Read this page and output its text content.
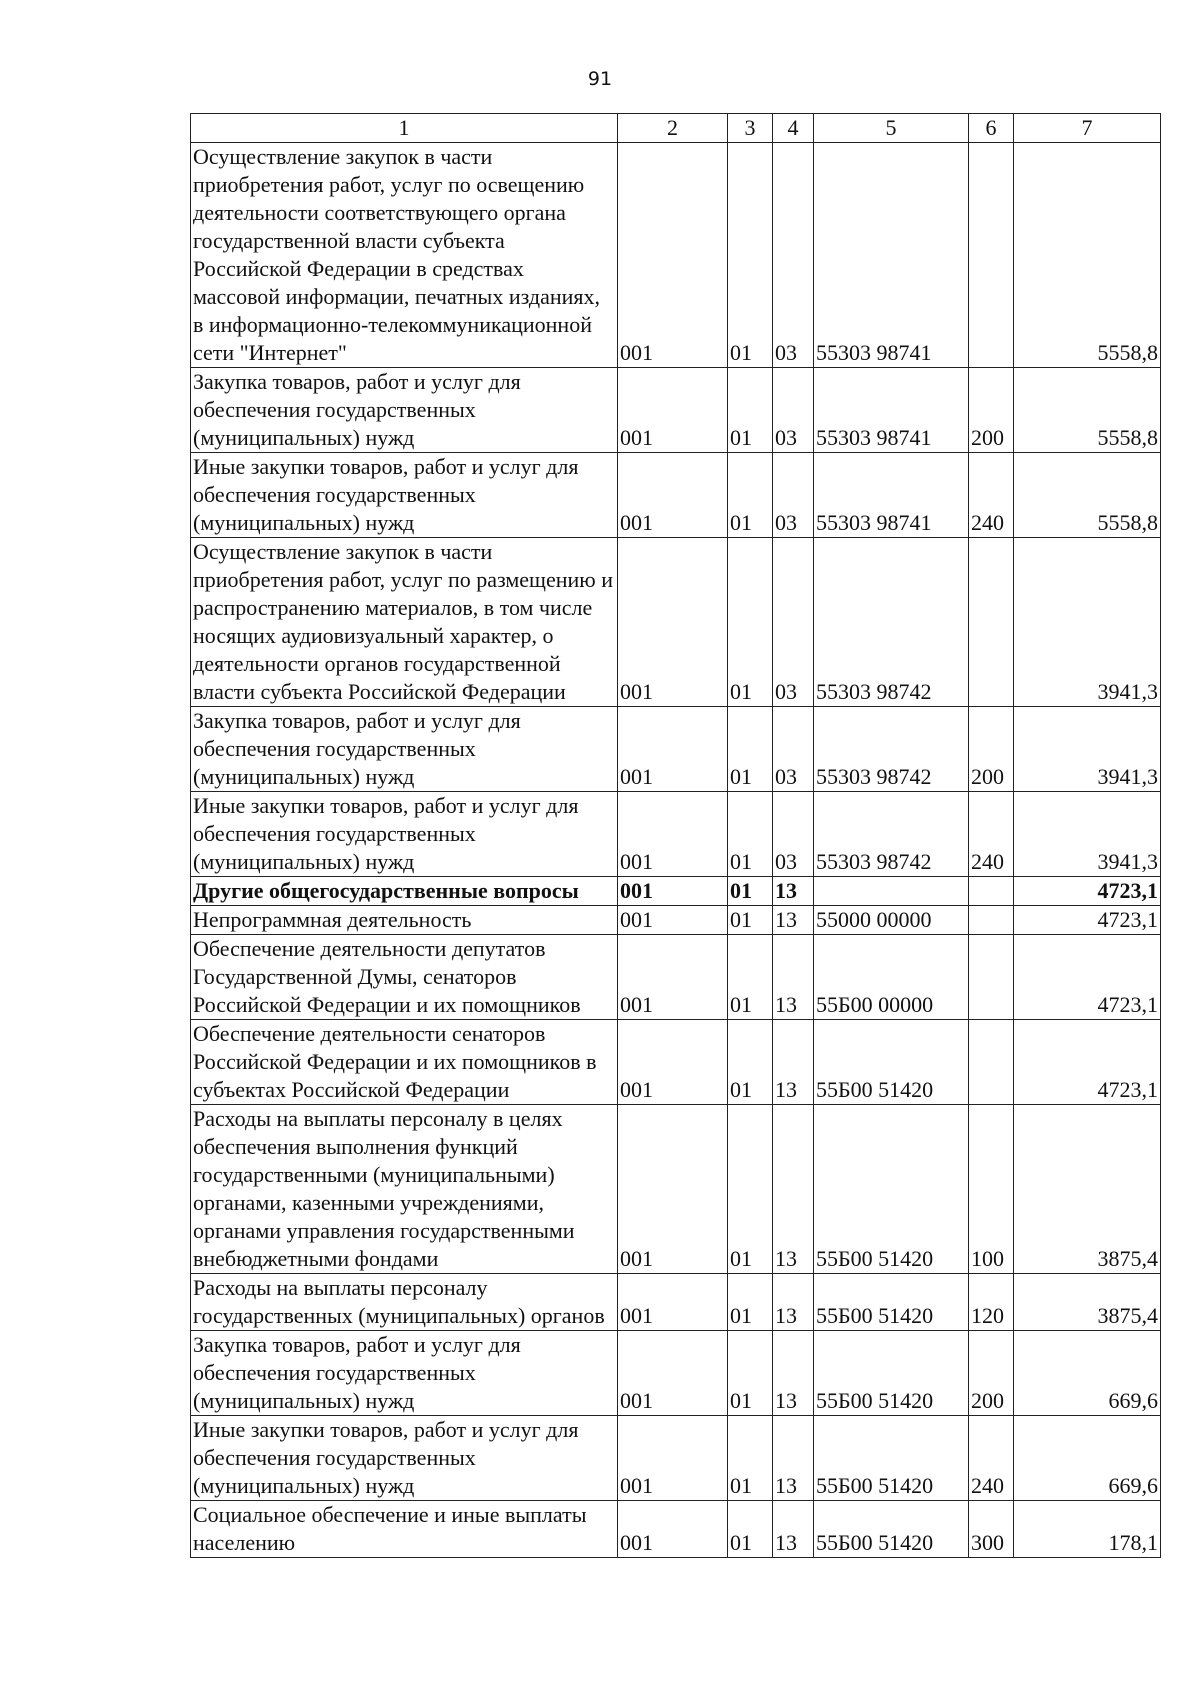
91
1	2	3	4	5	6	7
Осуществление закупок в части приобретения работ, услуг по освещению деятельности соответствующего органа государственной власти субъекта Российской Федерации в средствах массовой информации, печатных изданиях, в информационно-телекоммуникационной сети "Интернет"	001	01	03	55303 98741		5558,8
Закупка товаров, работ и услуг для обеспечения государственных (муниципальных) нужд	001	01	03	55303 98741	200	5558,8
Иные закупки товаров, работ и услуг для обеспечения государственных (муниципальных) нужд	001	01	03	55303 98741	240	5558,8
Осуществление закупок в части приобретения работ, услуг по размещению и распространению материалов, в том числе носящих аудиовизуальный характер, о деятельности органов государственной власти субъекта Российской Федерации	001	01	03	55303 98742		3941,3
Закупка товаров, работ и услуг для обеспечения государственных (муниципальных) нужд	001	01	03	55303 98742	200	3941,3
Иные закупки товаров, работ и услуг для обеспечения государственных (муниципальных) нужд	001	01	03	55303 98742	240	3941,3
Другие общегосударственные вопросы	001	01	13			4723,1
Непрограммная деятельность	001	01	13	55000 00000		4723,1
Обеспечение деятельности депутатов Государственной Думы, сенаторов Российской Федерации и их помощников	001	01	13	55Б00 00000		4723,1
Обеспечение деятельности сенаторов Российской Федерации и их помощников в субъектах Российской Федерации	001	01	13	55Б00 51420		4723,1
Расходы на выплаты персоналу в целях обеспечения выполнения функций государственными (муниципальными) органами, казенными учреждениями, органами управления государственными внебюджетными фондами	001	01	13	55Б00 51420	100	3875,4
Расходы на выплаты персоналу государственных (муниципальных) органов	001	01	13	55Б00 51420	120	3875,4
Закупка товаров, работ и услуг для обеспечения государственных (муниципальных) нужд	001	01	13	55Б00 51420	200	669,6
Иные закупки товаров, работ и услуг для обеспечения государственных (муниципальных) нужд	001	01	13	55Б00 51420	240	669,6
Социальное обеспечение и иные выплаты населению	001	01	13	55Б00 51420	300	178,1
